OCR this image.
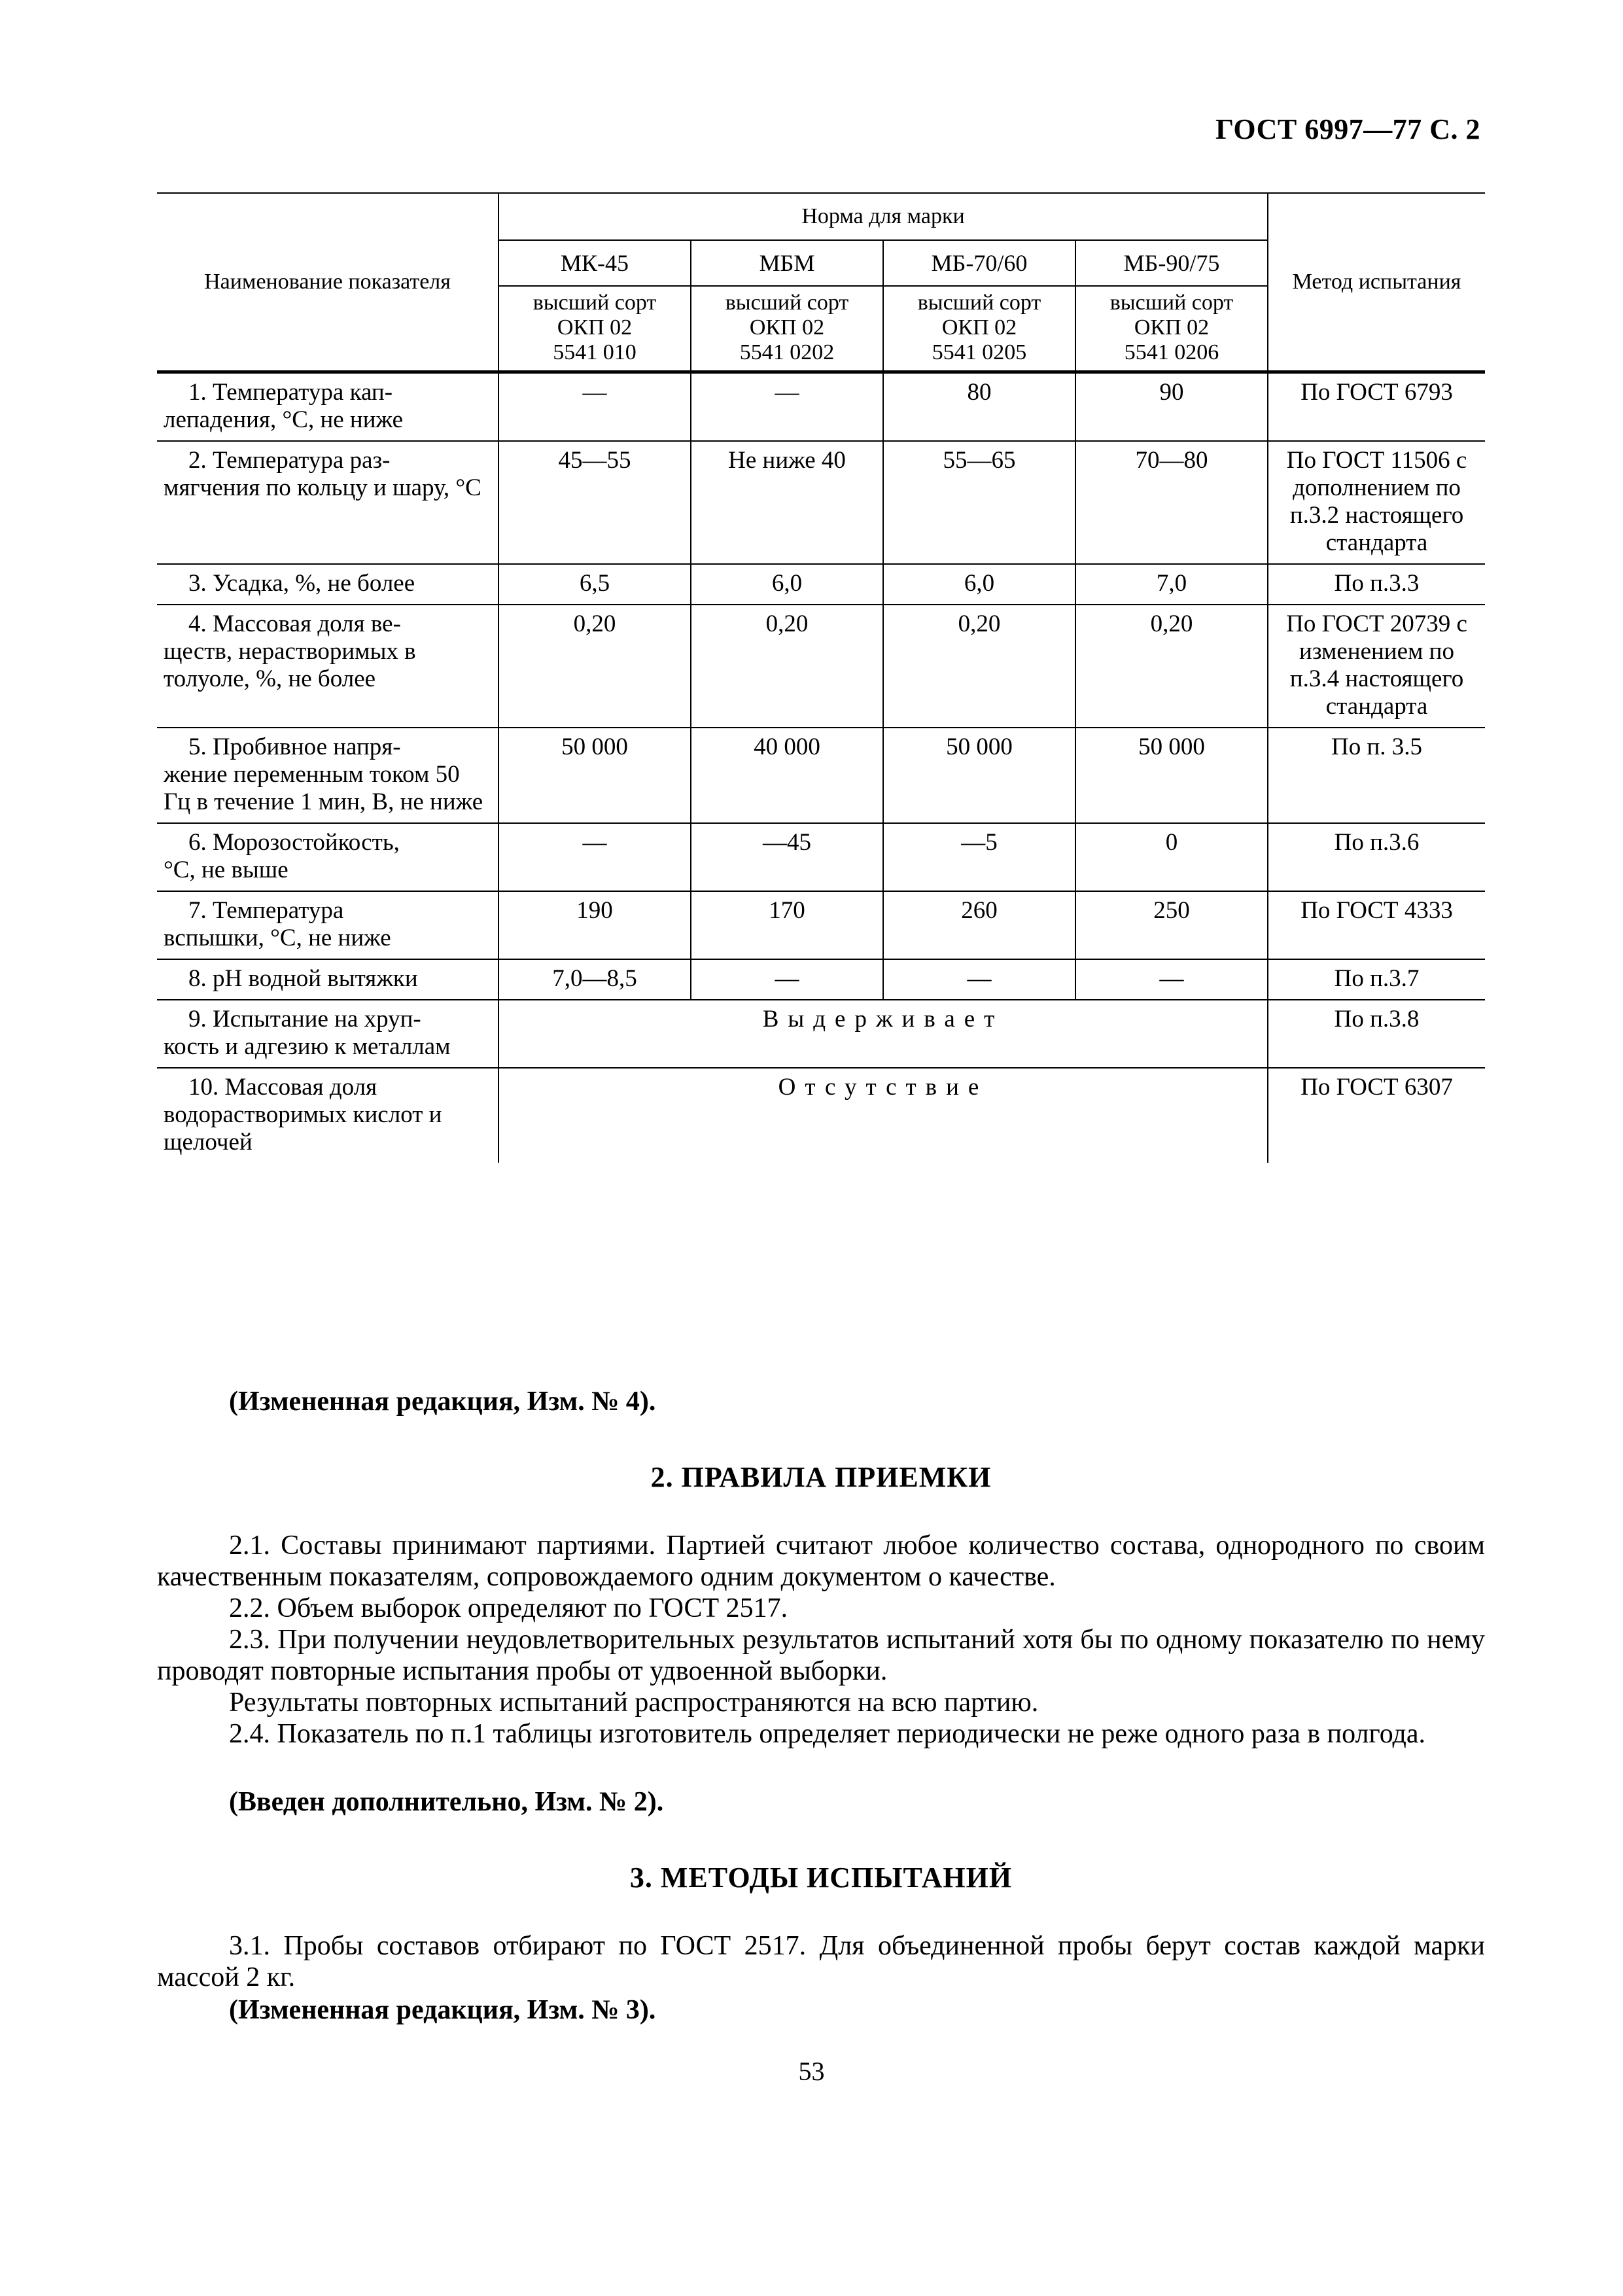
ГОСТ 6997—77 С. 2
Наименование показателя	Норма для марки				Метод испытания
	МК-45	МБМ	МБ-70/60	МБ-90/75	
	высший сорт
ОКП 02
5541 010	высший сорт
ОКП 02
5541 0202	высший сорт
ОКП 02
5541 0205	высший сорт
ОКП 02
5541 0206	

1. Температура кап-
лепадения, °С, не ниже	—	—	80	90	По ГОСТ 6793

2. Температура раз-
мягчения по кольцу и шару, °С	45—55	Не ниже 40	55—65	70—80	По ГОСТ 11506 с дополнением по п.3.2 настоящего стандарта

3. Усадка, %, не более	6,5	6,0	6,0	7,0	По п.3.3

4. Массовая доля ве-
ществ, нерастворимых в толуоле, %, не более	0,20	0,20	0,20	0,20	По ГОСТ 20739 с изменением по п.3.4 настоящего стандарта

5. Пробивное напря-
жение переменным током 50 Гц в течение 1 мин, В, не ниже	50 000	40 000	50 000	50 000	По п. 3.5

6. Морозостойкость,
°С, не выше	—	—45	—5	0	По п.3.6

7. Температура
вспышки, °С, не ниже	190	170	260	250	По ГОСТ 4333

8. рН водной вытяжки	7,0—8,5	—	—	—	По п.3.7

9. Испытание на хруп-
кость и адгезию к металлам	Выдерживает				По п.3.8

10. Массовая доля
водорастворимых кислот и щелочей	Отсутствие				По ГОСТ 6307
(Измененная редакция, Изм. № 4).
2. ПРАВИЛА ПРИЕМКИ

2.1. Составы принимают партиями. Партией считают любое количество состава, однородного по своим качественным показателям, сопровождаемого одним документом о качестве.

2.2. Объем выборок определяют по ГОСТ 2517.

2.3. При получении неудовлетворительных результатов испытаний хотя бы по одному показателю по нему проводят повторные испытания пробы от удвоенной выборки.

Результаты повторных испытаний распространяются на всю партию.

2.4. Показатель по п.1 таблицы изготовитель определяет периодически не реже одного раза в полгода.

(Введен дополнительно, Изм. № 2).
3. МЕТОДЫ ИСПЫТАНИЙ

3.1. Пробы составов отбирают по ГОСТ 2517. Для объединенной пробы берут состав каждой марки массой 2 кг.

(Измененная редакция, Изм. № 3).
53
